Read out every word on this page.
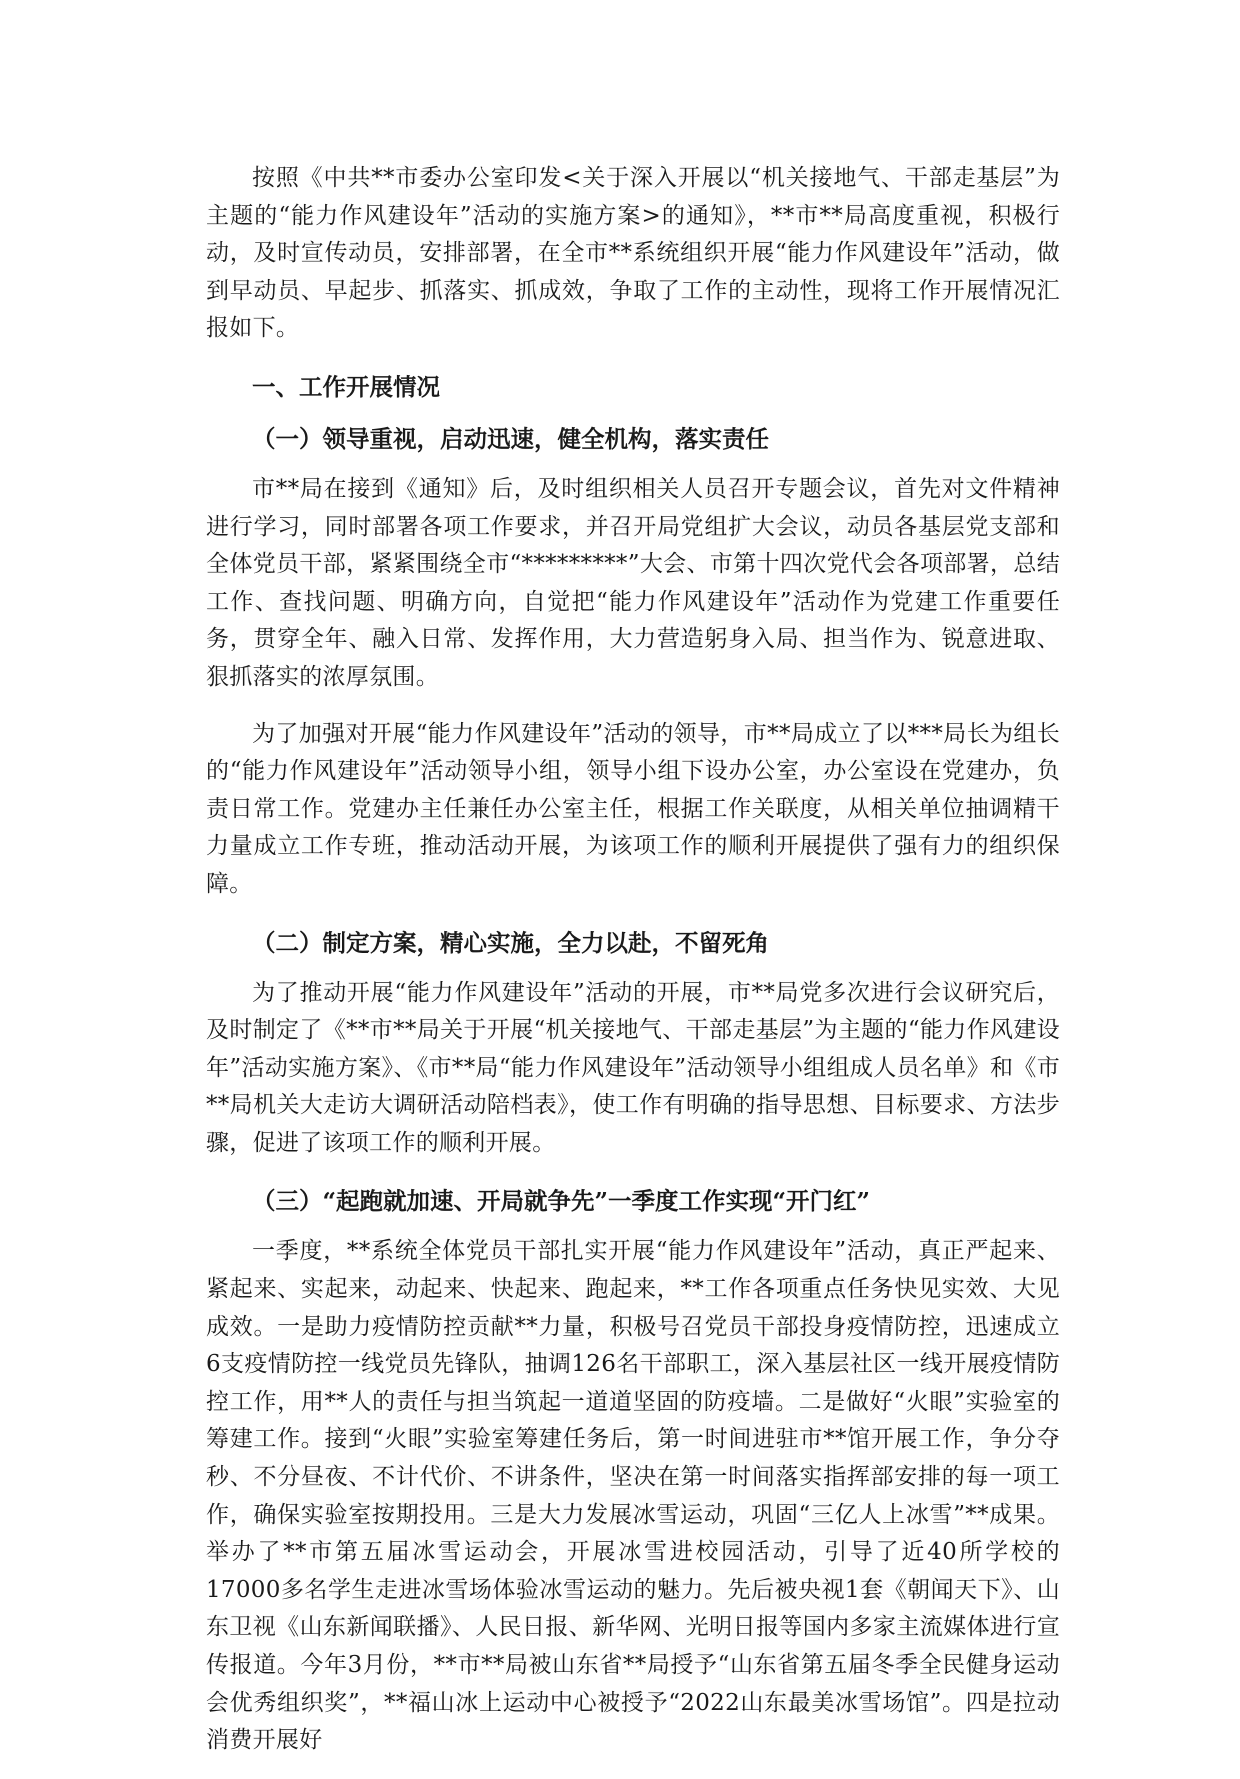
按照《中共**市委办公室印发<关于深入开展以“机关接地气、干部走基层”为主题的“能力作风建设年”活动的实施方案>的通知》，**市**局高度重视，积极行动，及时宣传动员，安排部署，在全市**系统组织开展“能力作风建设年”活动，做到早动员、早起步、抓落实、抓成效，争取了工作的主动性，现将工作开展情况汇报如下。

一、工作开展情况
（一）领导重视，启动迅速，健全机构，落实责任

市**局在接到《通知》后，及时组织相关人员召开专题会议，首先对文件精神进行学习，同时部署各项工作要求，并召开局党组扩大会议，动员各基层党支部和全体党员干部，紧紧围绕全市“*********”大会、市第十四次党代会各项部署，总结工作、查找问题、明确方向，自觉把“能力作风建设年”活动作为党建工作重要任务，贯穿全年、融入日常、发挥作用，大力营造躬身入局、担当作为、锐意进取、狠抓落实的浓厚氛围。

为了加强对开展“能力作风建设年”活动的领导，市**局成立了以***局长为组长的“能力作风建设年”活动领导小组，领导小组下设办公室，办公室设在党建办，负责日常工作。党建办主任兼任办公室主任，根据工作关联度，从相关单位抽调精干力量成立工作专班，推动活动开展，为该项工作的顺利开展提供了强有力的组织保障。

（二）制定方案，精心实施，全力以赴，不留死角

为了推动开展“能力作风建设年”活动的开展，市**局党多次进行会议研究后，及时制定了《**市**局关于开展“机关接地气、干部走基层”为主题的“能力作风建设年”活动实施方案》、《市**局“能力作风建设年”活动领导小组组成人员名单》和《市**局机关大走访大调研活动陪档表》，使工作有明确的指导思想、目标要求、方法步骤，促进了该项工作的顺利开展。

（三）“起跑就加速、开局就争先”一季度工作实现“开门红”

一季度，**系统全体党员干部扎实开展“能力作风建设年”活动，真正严起来、紧起来、实起来，动起来、快起来、跑起来，**工作各项重点任务快见实效、大见成效。一是助力疫情防控贡献**力量，积极号召党员干部投身疫情防控，迅速成立6支疫情防控一线党员先锋队，抽调126名干部职工，深入基层社区一线开展疫情防控工作，用**人的责任与担当筑起一道道坚固的防疫墙。二是做好“火眼”实验室的筹建工作。接到“火眼”实验室筹建任务后，第一时间进驻市**馆开展工作，争分夺秒、不分昼夜、不计代价、不讲条件，坚决在第一时间落实指挥部安排的每一项工作，确保实验室按期投用。三是大力发展冰雪运动，巩固“三亿人上冰雪”**成果。举办了**市第五届冰雪运动会，开展冰雪进校园活动，引导了近40所学校的 17000多名学生走进冰雪场体验冰雪运动的魅力。先后被央视1套《朝闻天下》、山东卫视《山东新闻联播》、人民日报、新华网、光明日报等国内多家主流媒体进行宣传报道。今年3月份，**市**局被山东省**局授予“山东省第五届冬季全民健身运动会优秀组织奖”，**福山冰上运动中心被授予“2022山东最美冰雪场馆”。四是拉动消费开展好
